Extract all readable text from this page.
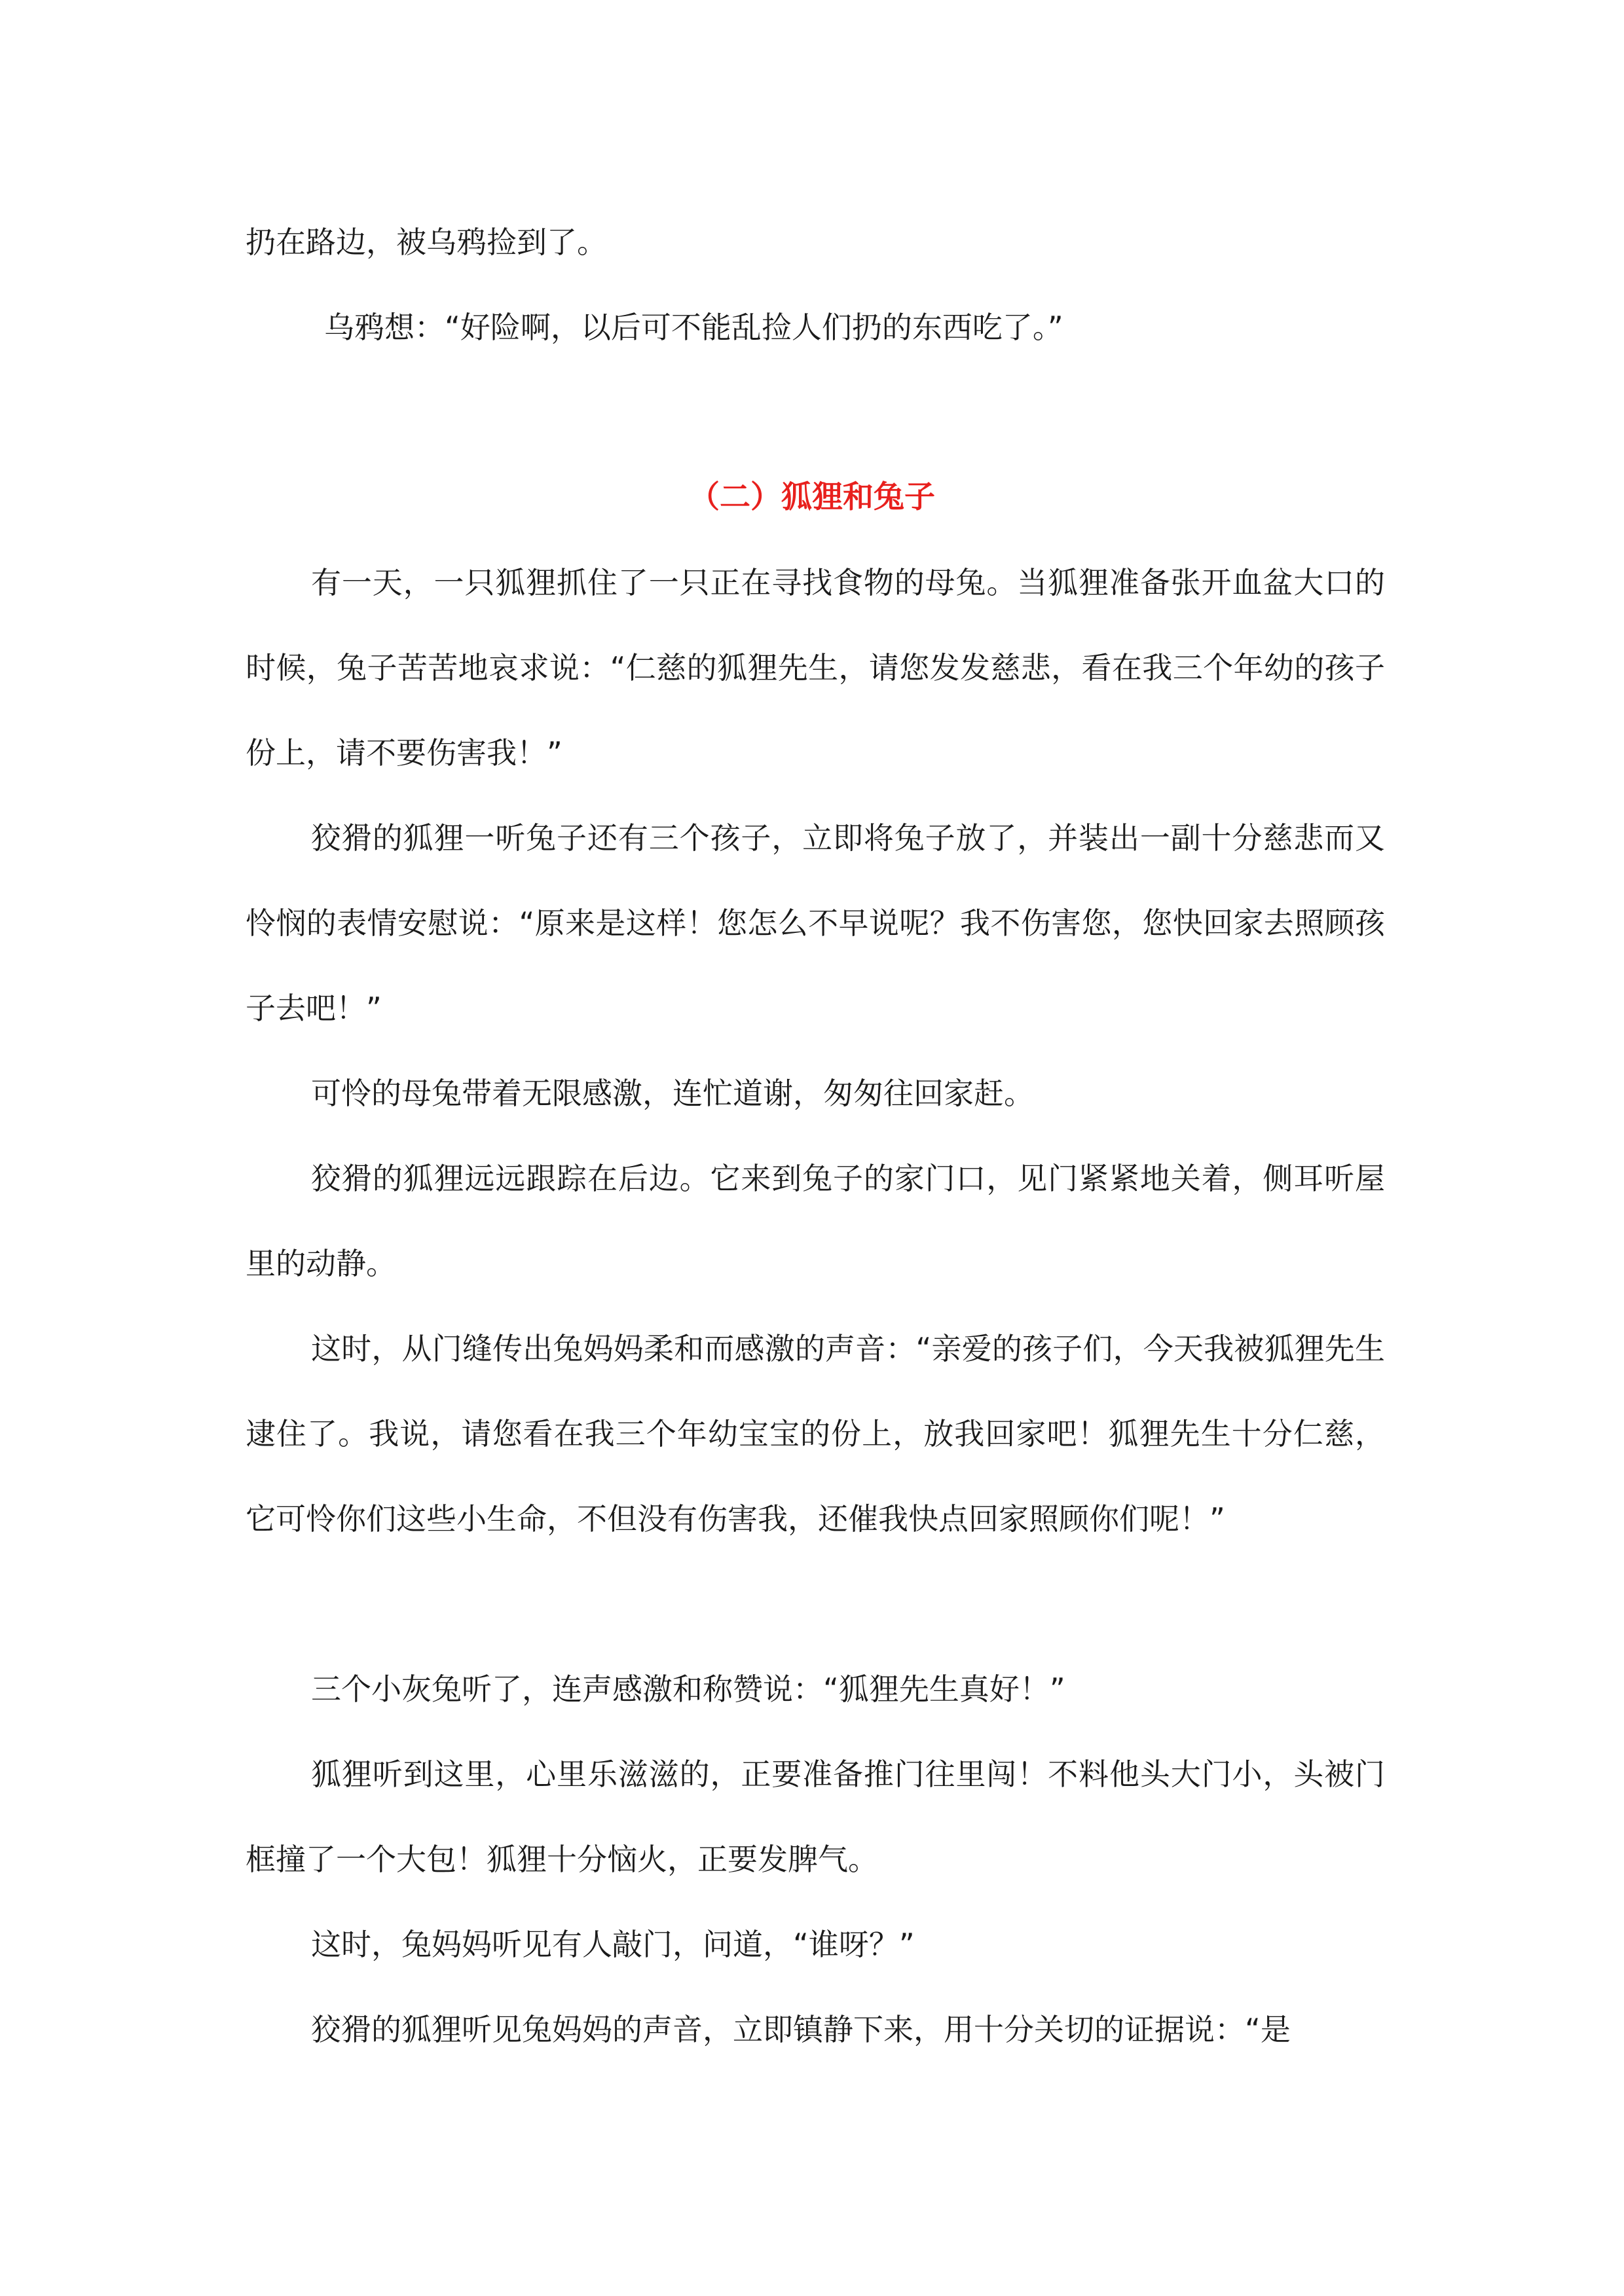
扔在路边，被乌鸦捡到了。

乌鸦想：“好险啊，以后可不能乱捡人们扔的东西吃了。”

（二）狐狸和兔子

有一天，一只狐狸抓住了一只正在寻找食物的母兔。当狐狸准备张开血盆大口的时候，兔子苦苦地哀求说：“仁慈的狐狸先生，请您发发慈悲，看在我三个年幼的孩子份上，请不要伤害我！”

狡猾的狐狸一听兔子还有三个孩子，立即将兔子放了，并装出一副十分慈悲而又怜悯的表情安慰说：“原来是这样！您怎么不早说呢？我不伤害您，您快回家去照顾孩子去吧！”

可怜的母兔带着无限感激，连忙道谢，匆匆往回家赶。

狡猾的狐狸远远跟踪在后边。它来到兔子的家门口，见门紧紧地关着，侧耳听屋里的动静。

这时，从门缝传出兔妈妈柔和而感激的声音：“亲爱的孩子们，今天我被狐狸先生逮住了。我说，请您看在我三个年幼宝宝的份上，放我回家吧！狐狸先生十分仁慈，它可怜你们这些小生命，不但没有伤害我，还催我快点回家照顾你们呢！”

三个小灰兔听了，连声感激和称赞说：“狐狸先生真好！”

狐狸听到这里，心里乐滋滋的，正要准备推门往里闯！不料他头大门小，头被门框撞了一个大包！狐狸十分恼火，正要发脾气。

这时，兔妈妈听见有人敲门，问道，“谁呀？”

狡猾的狐狸听见兔妈妈的声音，立即镇静下来，用十分关切的证据说：“是
